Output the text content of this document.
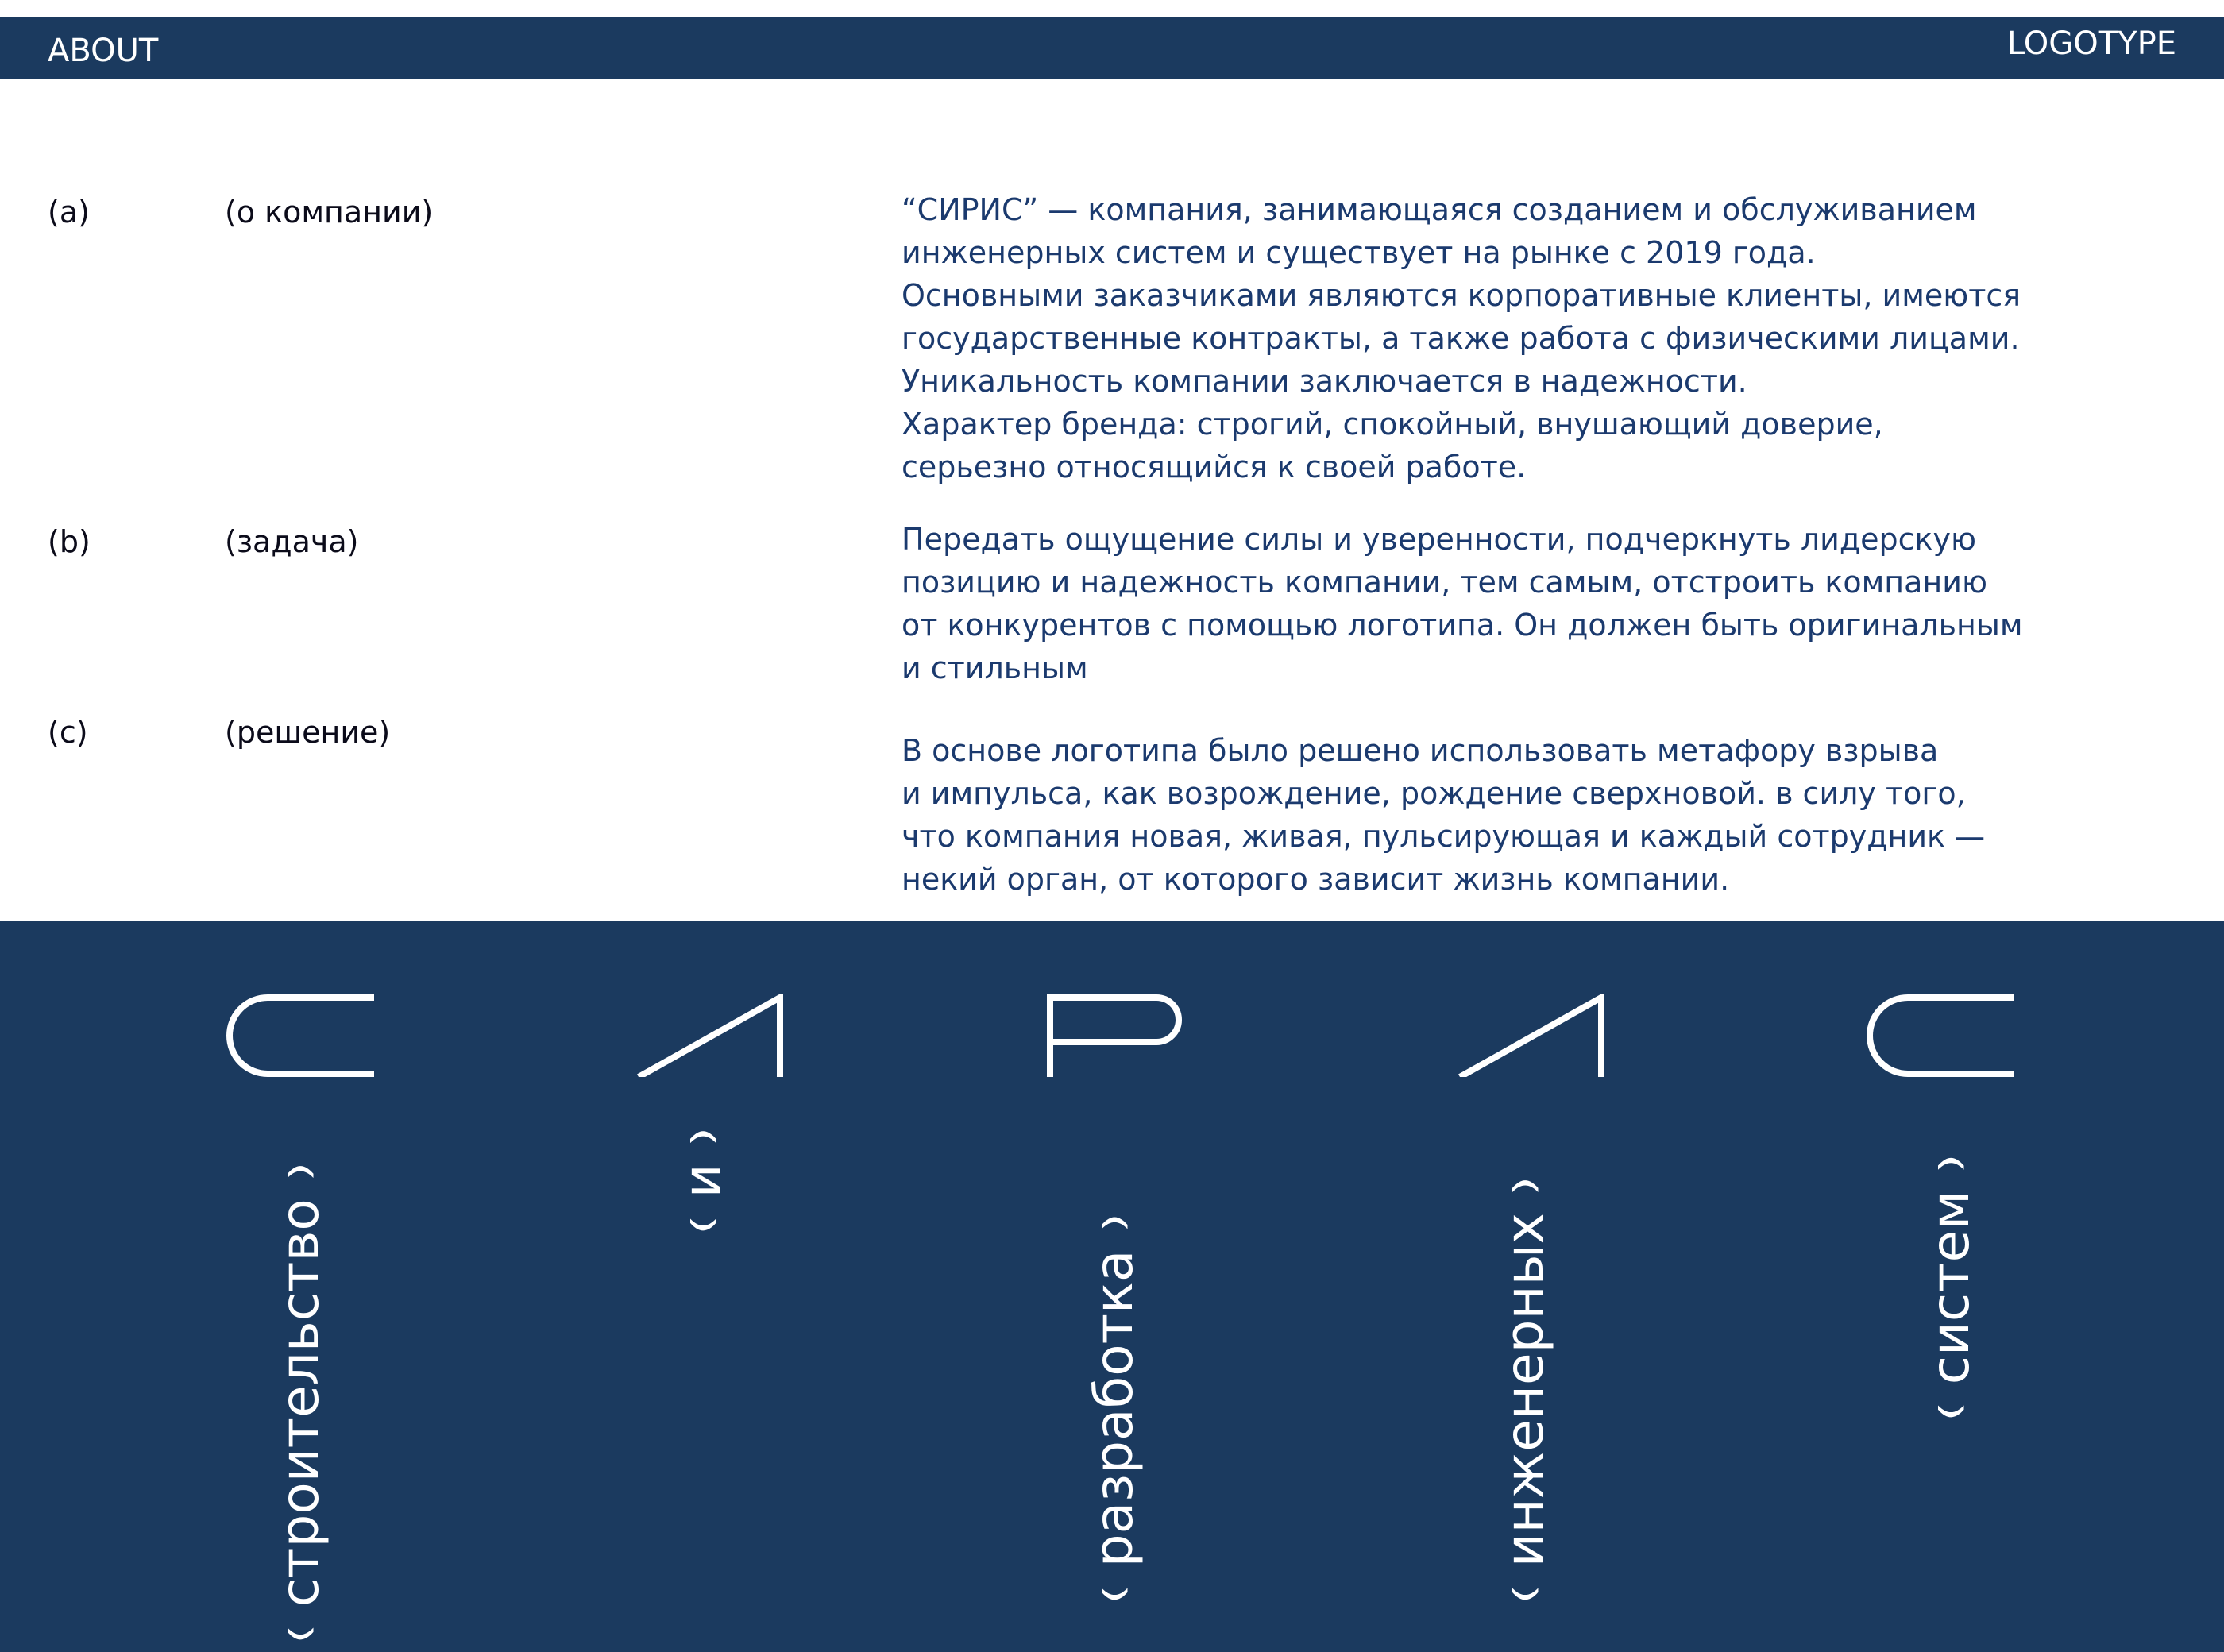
ABOUT	LOGOTYPE
(a)	(о компании)	“СИРИС” — компания, занимающаяся созданием и обслуживанием

инженерных систем и существует на рынке с 2019 года.

Основными заказчиками являются корпоративные клиенты, имеются

государственные контракты, а также работа с физическими лицами.

Уникальность компании заключается в надежности.

Характер бренда: строгий, спокойный, внушающий доверие,

серьезно относящийся к своей работе.

(b)	(задача)	Передать ощущение силы и уверенности, подчеркнуть лидерскую

позицию и надежность компании, тем самым, отстроить компанию

от конкурентов с помощью логотипа. Он должен быть оригинальным

и стильным

(c)	(решение)

В основе логотипа было решено использовать метафору взрыва

и импульса, как возрождение, рождение сверхновой. в силу того,

что компания новая, живая, пульсирующая и каждый сотрудник —

некий орган, от которого зависит жизнь компании.

( строительство )
( и )
( разработка )
( инженерных )
( систем )
